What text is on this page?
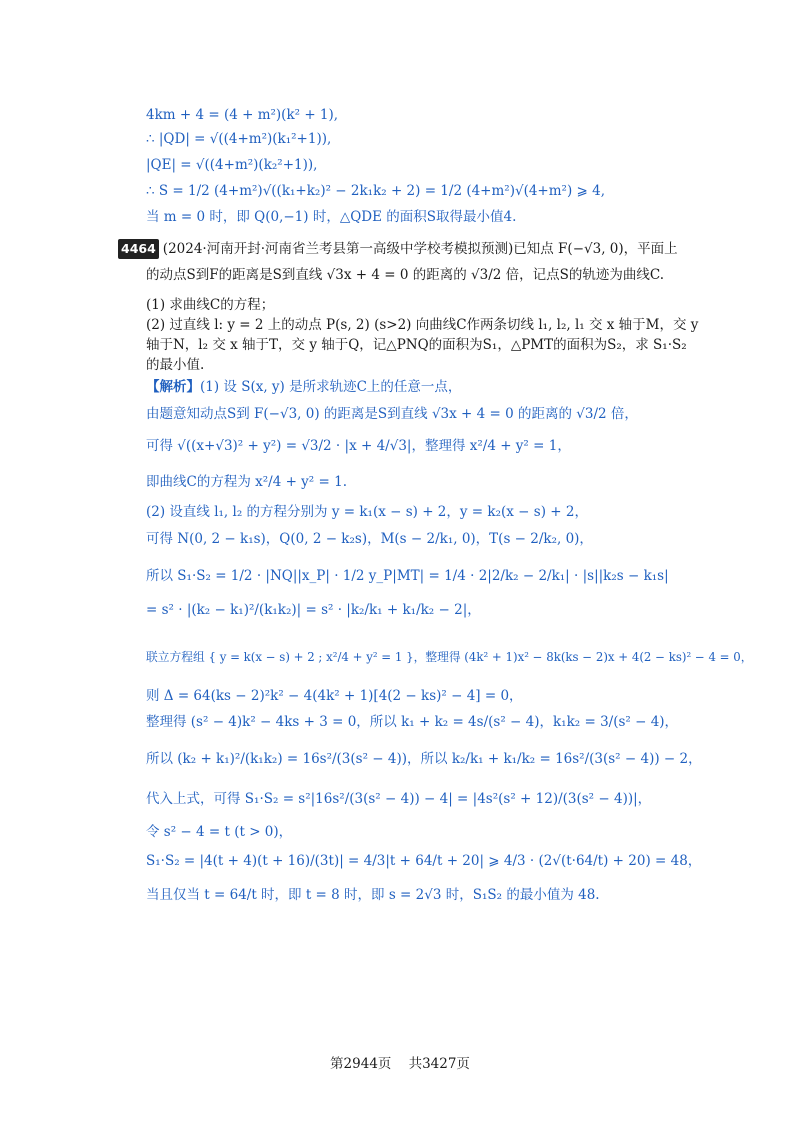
4km + 4 = (4 + m²)(k² + 1),
∴ |QD| = √((4+m²)(k₁²+1)),
|QE| = √((4+m²)(k₂²+1)),
∴ S = 1/2 (4+m²)√((k₁+k₂)² − 2k₁k₂ + 2) = 1/2 (4+m²)√(4+m²) ⩾ 4,
当 m = 0 时，即 Q(0,−1) 时，△QDE 的面积S取得最小值4.
4464 (2024·河南开封·河南省兰考县第一高级中学校考模拟预测)已知点 F(−√3, 0)，平面上
的动点S到F的距离是S到直线 √3x + 4 = 0 的距离的 √3/2 倍，记点S的轨迹为曲线C.
(1) 求曲线C的方程；
(2) 过直线 l: y = 2 上的动点 P(s, 2) (s>2) 向曲线C作两条切线 l₁, l₂, l₁ 交 x 轴于M，交 y
轴于N，l₂ 交 x 轴于T，交 y 轴于Q，记△PNQ的面积为S₁，△PMT的面积为S₂，求 S₁·S₂
的最小值.
【解析】(1) 设 S(x, y) 是所求轨迹C上的任意一点，
由题意知动点S到 F(−√3, 0) 的距离是S到直线 √3x + 4 = 0 的距离的 √3/2 倍，
可得 √((x+√3)² + y²) = √3/2 · |x + 4/√3|，整理得 x²/4 + y² = 1，
即曲线C的方程为 x²/4 + y² = 1.
(2) 设直线 l₁, l₂ 的方程分别为 y = k₁(x − s) + 2，y = k₂(x − s) + 2，
可得 N(0, 2 − k₁s)，Q(0, 2 − k₂s)，M(s − 2/k₁, 0)，T(s − 2/k₂, 0)，
所以 S₁·S₂ = 1/2 · |NQ||x_P| · 1/2 y_P|MT| = 1/4 · 2|2/k₂ − 2/k₁| · |s||k₂s − k₁s|
= s² · |(k₂ − k₁)²/(k₁k₂)| = s² · |k₂/k₁ + k₁/k₂ − 2|，
联立方程组 { y = k(x − s) + 2 ; x²/4 + y² = 1 }，整理得 (4k² + 1)x² − 8k(ks − 2)x + 4(2 − ks)² − 4 = 0，
则 Δ = 64(ks − 2)²k² − 4(4k² + 1)[4(2 − ks)² − 4] = 0，
整理得 (s² − 4)k² − 4ks + 3 = 0，所以 k₁ + k₂ = 4s/(s² − 4)，k₁k₂ = 3/(s² − 4)，
所以 (k₂ + k₁)²/(k₁k₂) = 16s²/(3(s² − 4))，所以 k₂/k₁ + k₁/k₂ = 16s²/(3(s² − 4)) − 2，
代入上式，可得 S₁·S₂ = s²|16s²/(3(s² − 4)) − 4| = |4s²(s² + 12)/(3(s² − 4))|，
令 s² − 4 = t (t > 0)，
S₁·S₂ = |4(t + 4)(t + 16)/(3t)| = 4/3|t + 64/t + 20| ⩾ 4/3 · (2√(t·64/t) + 20) = 48，
当且仅当 t = 64/t 时，即 t = 8 时，即 s = 2√3 时，S₁S₂ 的最小值为 48.
第2944页 共3427页
